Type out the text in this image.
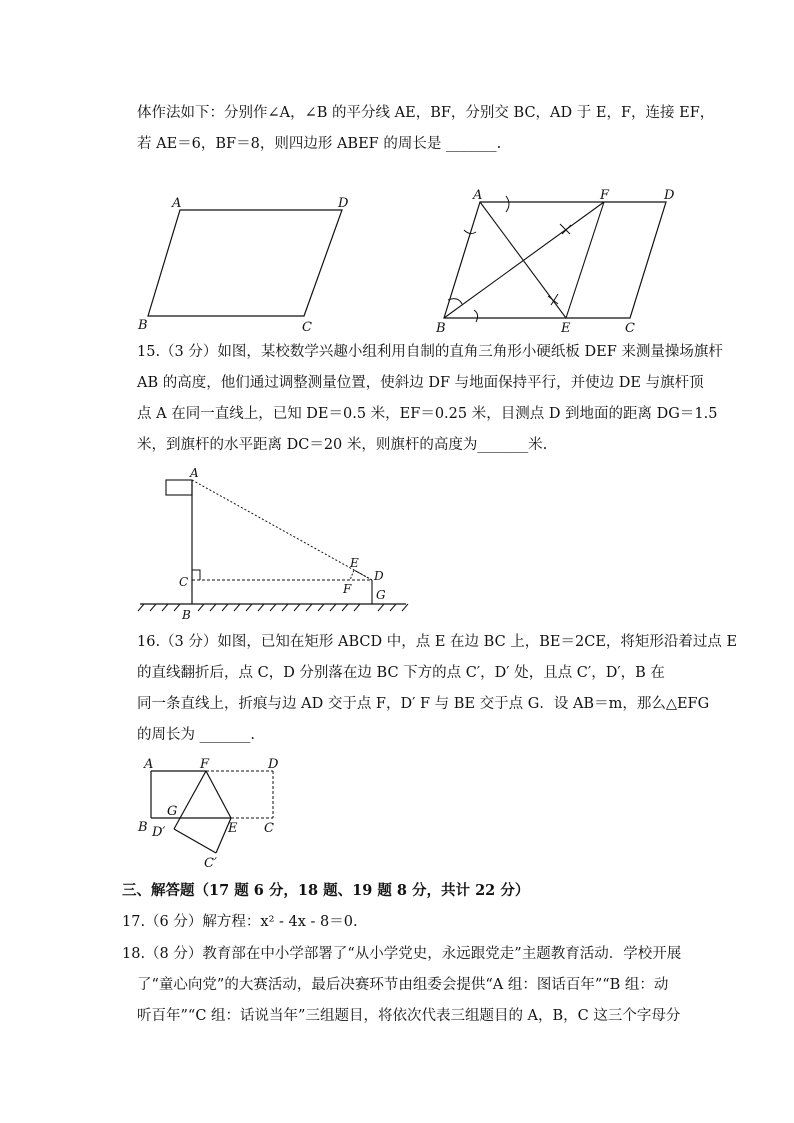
体作法如下：分别作∠A，∠B 的平分线 AE，BF，分别交 BC，AD 于 E，F，连接 EF，
若 AE＝6，BF＝8，则四边形 ABEF 的周长是 _______.
A	D
B	C
A	F	D
B	E	C
15.（3 分）如图，某校数学兴趣小组利用自制的直角三角形小硬纸板 DEF 来测量操场旗杆
AB 的高度，他们通过调整测量位置，使斜边 DF 与地面保持平行，并使边 DE 与旗杆顶
点 A 在同一直线上，已知 DE＝0.5 米，EF＝0.25 米，目测点 D 到地面的距离 DG＝1.5
米，到旗杆的水平距离 DC＝20 米，则旗杆的高度为_______米.
A
C
B
E
F
D
G
16.（3 分）如图，已知在矩形 ABCD 中，点 E 在边 BC 上，BE＝2CE，将矩形沿着过点 E
的直线翻折后，点 C，D 分别落在边 BC 下方的点 C′，D′ 处，且点 C′，D′，B 在
同一条直线上，折痕与边 AD 交于点 F，D′ F 与 BE 交于点 G．设 AB＝m，那么△EFG
的周长为 _______.
A	F	D
G
B D′	E C
C′
三、解答题（17 题 6 分，18 题、19 题 8 分，共计 22 分）
17.（6 分）解方程：x² - 4x - 8＝0.
18.（8 分）教育部在中小学部署了“从小学党史，永远跟党走”主题教育活动．学校开展
了“童心向党”的大赛活动，最后决赛环节由组委会提供“A 组：图话百年”“B 组：动
听百年”“C 组：话说当年”三组题目，将依次代表三组题目的 A，B，C 这三个字母分
